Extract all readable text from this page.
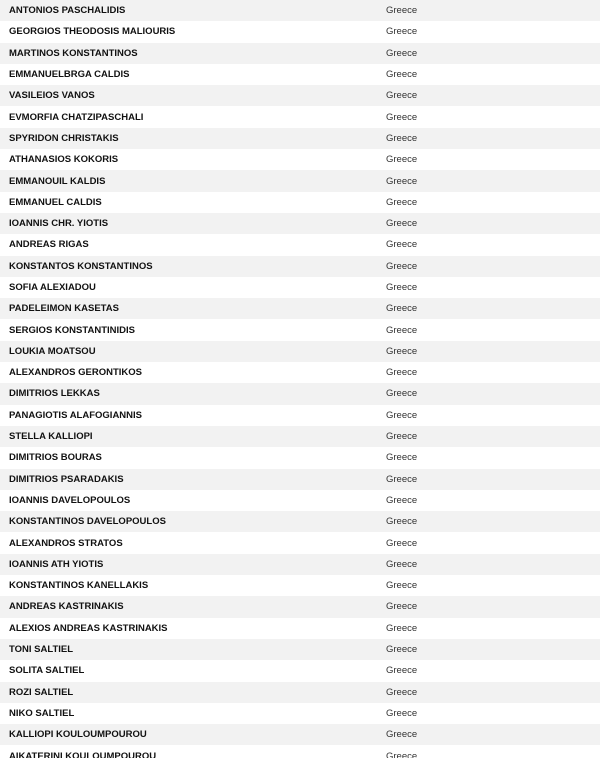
ANTONIOS PASCHALIDIS	Greece
GEORGIOS THEODOSIS MALIOURIS	Greece
MARTINOS KONSTANTINOS	Greece
EMMANUELBRGA CALDIS	Greece
VASILEIOS VANOS	Greece
EVMORFIA CHATZIPASCHALI	Greece
SPYRIDON CHRISTAKIS	Greece
ATHANASIOS KOKORIS	Greece
EMMANOUIL KALDIS	Greece
EMMANUEL CALDIS	Greece
IOANNIS CHR. YIOTIS	Greece
ANDREAS RIGAS	Greece
KONSTANTOS KONSTANTINOS	Greece
SOFIA ALEXIADOU	Greece
PADELEIMON KASETAS	Greece
SERGIOS KONSTANTINIDIS	Greece
LOUKIA MOATSOU	Greece
ALEXANDROS GERONTIKOS	Greece
DIMITRIOS LEKKAS	Greece
PANAGIOTIS ALAFOGIANNIS	Greece
STELLA KALLIOPI	Greece
DIMITRIOS BOURAS	Greece
DIMITRIOS PSARADAKIS	Greece
IOANNIS DAVELOPOULOS	Greece
KONSTANTINOS DAVELOPOULOS	Greece
ALEXANDROS STRATOS	Greece
IOANNIS ATH YIOTIS	Greece
KONSTANTINOS KANELLAKIS	Greece
ANDREAS KASTRINAKIS	Greece
ALEXIOS ANDREAS KASTRINAKIS	Greece
TONI SALTIEL	Greece
SOLITA SALTIEL	Greece
ROZI SALTIEL	Greece
NIKO SALTIEL	Greece
KALLIOPI KOULOUMPOUROU	Greece
AIKATERINI KOULOUMPOUROU	Greece
